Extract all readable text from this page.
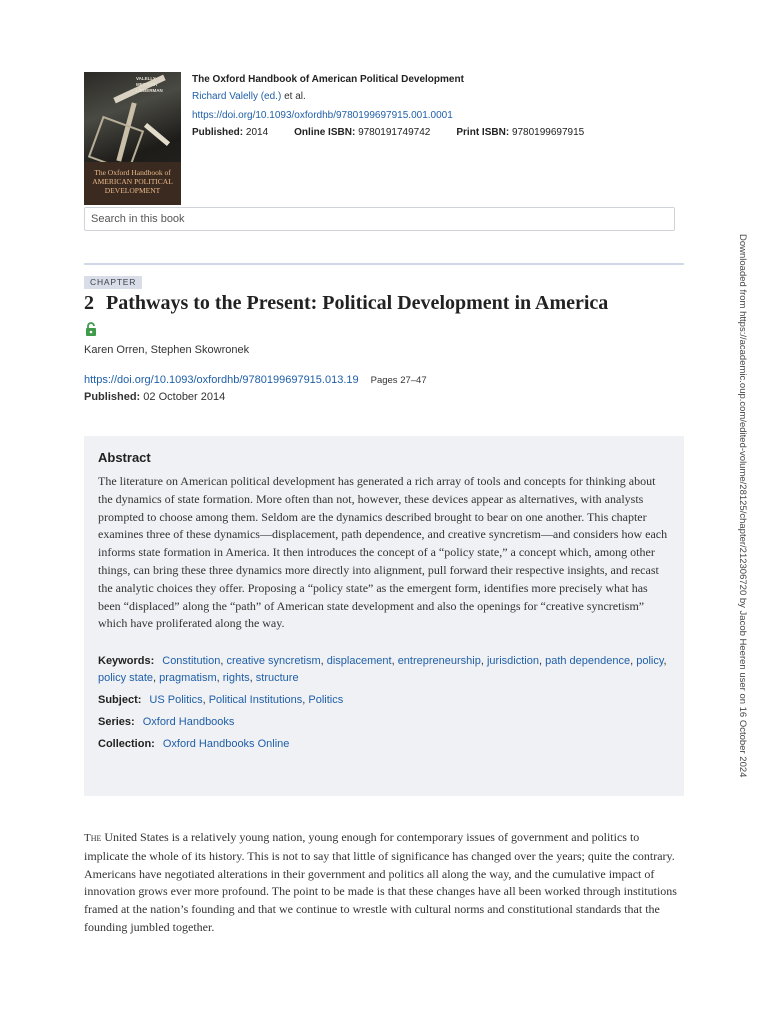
VALELLY METTLER LIEBERMAN
The Oxford Handbook of AMERICAN POLITICAL DEVELOPMENT
The Oxford Handbook of American Political Development
Richard Valelly (ed.) et al.
https://doi.org/10.1093/oxfordhb/9780199697915.001.0001
Published: 2014	Online ISBN: 9780191749742	Print ISBN: 9780199697915
Search in this book
CHAPTER
2 Pathways to the Present: Political Development in America
Karen Orren, Stephen Skowronek
https://doi.org/10.1093/oxfordhb/9780199697915.013.19 Pages 27–47
Published: 02 October 2014
Abstract
The literature on American political development has generated a rich array of tools and concepts for thinking about the dynamics of state formation. More often than not, however, these devices appear as alternatives, with analysts prompted to choose among them. Seldom are the dynamics described brought to bear on one another. This chapter examines three of these dynamics—displacement, path dependence, and creative syncretism—and considers how each informs state formation in America. It then introduces the concept of a “policy state,” a concept which, among other things, can bring these three dynamics more directly into alignment, pull forward their respective insights, and recast the analytic choices they offer. Proposing a “policy state” as the emergent form, identifies more precisely what has been “displaced” along the “path” of American state development and also the openings for “creative syncretism” which have proliferated along the way.
Keywords: Constitution, creative syncretism, displacement, entrepreneurship, jurisdiction, path dependence, policy, policy state, pragmatism, rights, structure
Subject: US Politics, Political Institutions, Politics
Series: Oxford Handbooks
Collection: Oxford Handbooks Online
The United States is a relatively young nation, young enough for contemporary issues of government and politics to implicate the whole of its history. This is not to say that little of significance has changed over the years; quite the contrary. Americans have negotiated alterations in their government and politics all along the way, and the cumulative impact of innovation grows ever more profound. The point to be made is that these changes have all been worked through institutions framed at the nation’s founding and that we continue to wrestle with cultural norms and constitutional standards that the founding jumbled together.
Downloaded from https://academic.oup.com/edited-volume/28125/chapter/212306720 by Jacob Heeren user on 16 October 2024
